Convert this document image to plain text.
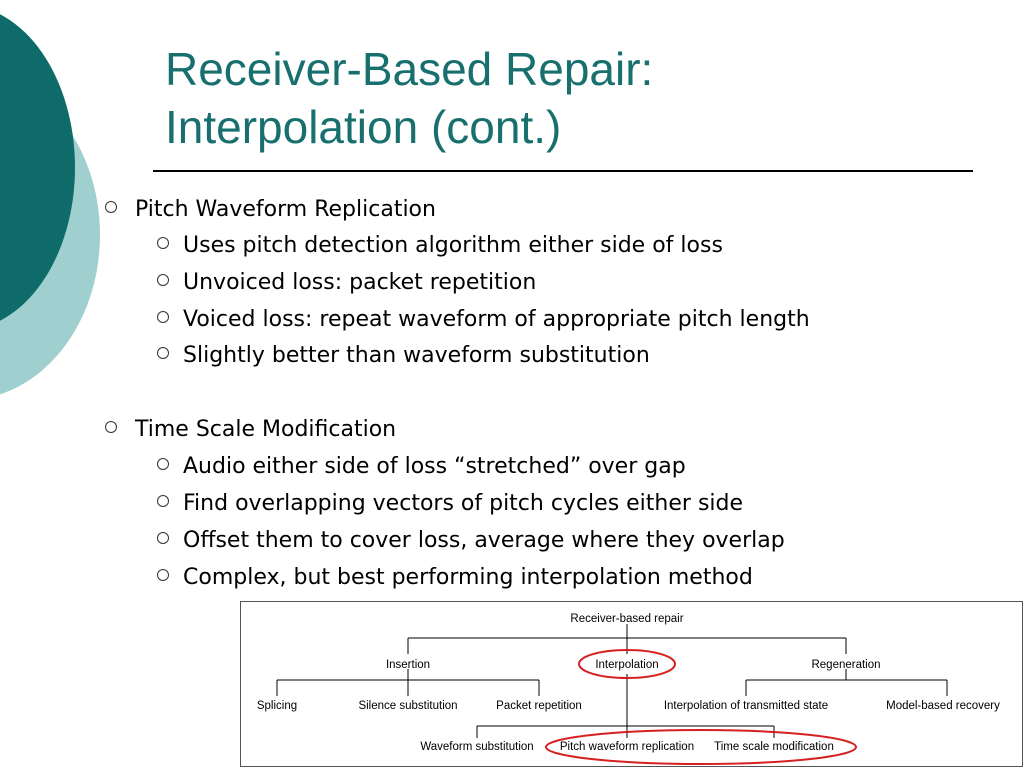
Receiver-Based Repair:
Interpolation (cont.)
Pitch Waveform Replication
Uses pitch detection algorithm either side of loss
Unvoiced loss: packet repetition
Voiced loss: repeat waveform of appropriate pitch length
Slightly better than waveform substitution
Time Scale Modification
Audio either side of loss “stretched” over gap
Find overlapping vectors of pitch cycles either side
Offset them to cover loss, average where they overlap
Complex, but best performing interpolation method
Receiver-based repair
Insertion	Interpolation	Regeneration
Splicing	Silence substitution	Packet repetition	Interpolation of transmitted state	Model-based recovery
Waveform substitution Pitch waveform replication Time scale modification
